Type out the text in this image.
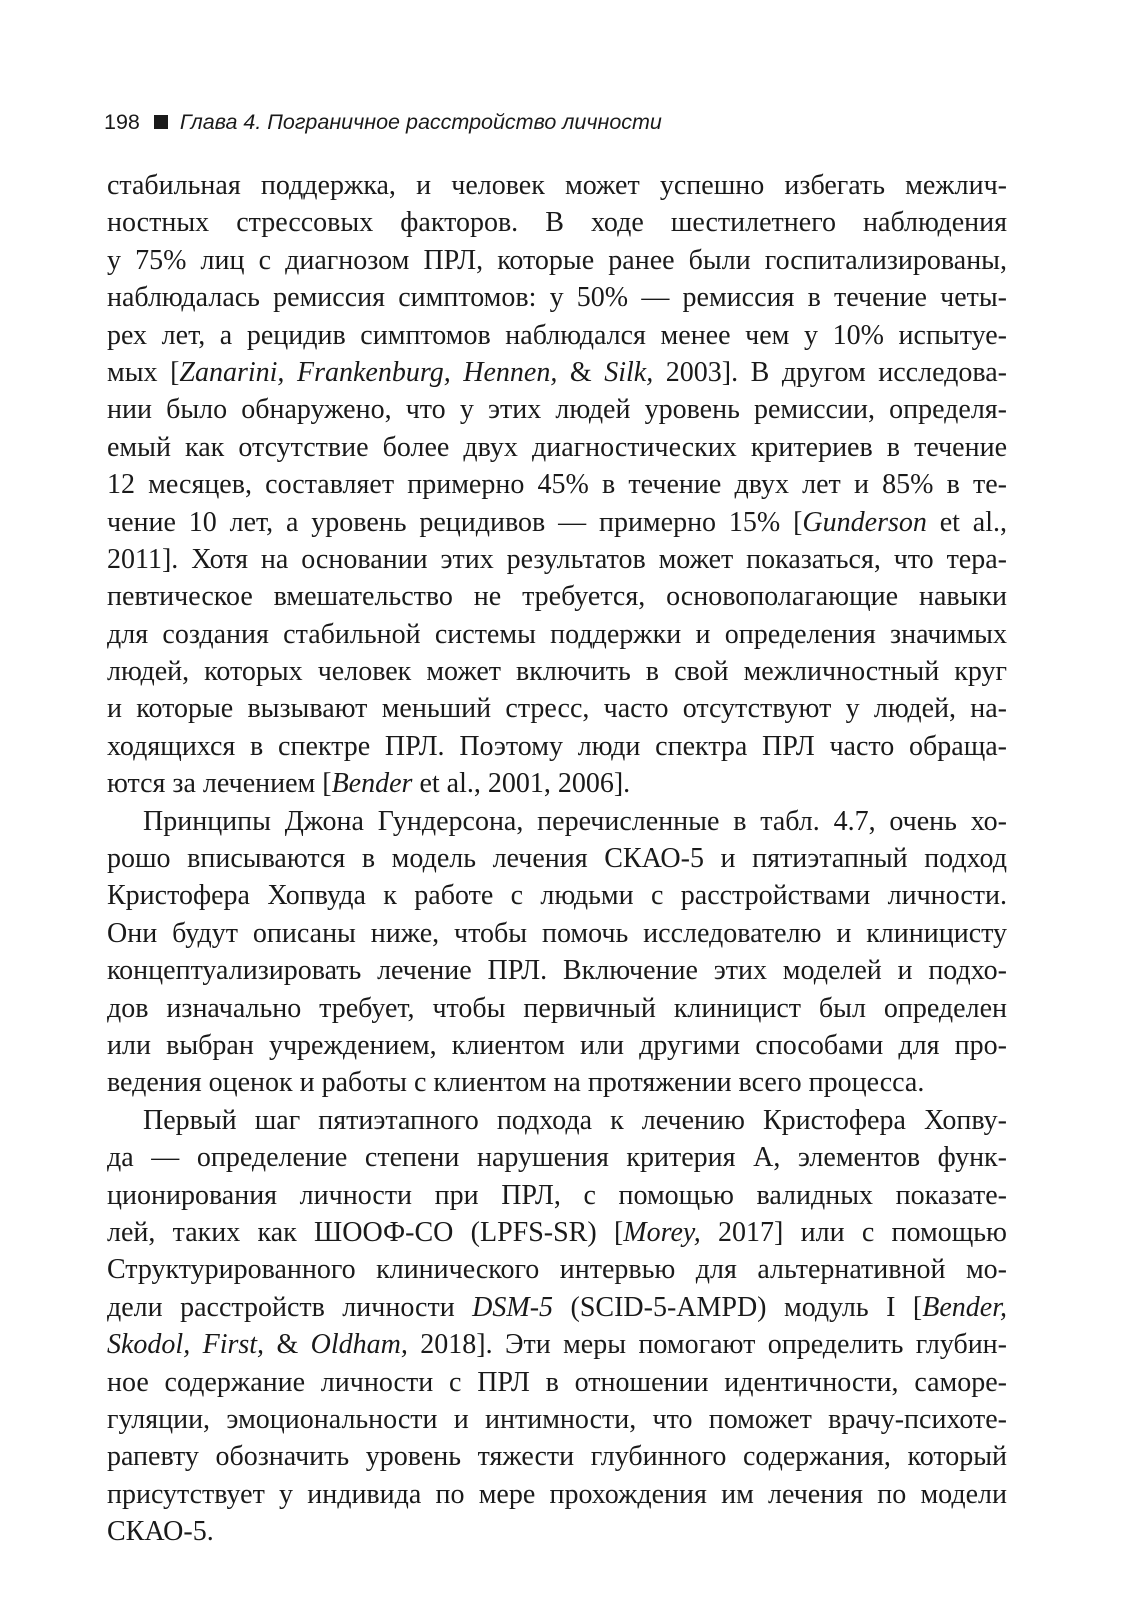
198 Глава 4. Пограничное расстройство личности
стабильная поддержка, и человек может успешно избегать межлич-
ностных стрессовых факторов. В ходе шестилетнего наблюдения
у 75% лиц с диагнозом ПРЛ, которые ранее были госпитализированы,
наблюдалась ремиссия симптомов: у 50% — ремиссия в течение четы-
рех лет, а рецидив симптомов наблюдался менее чем у 10% испытуе-
мых [Zanarini, Frankenburg, Hennen, & Silk, 2003]. В другом исследова-
нии было обнаружено, что у этих людей уровень ремиссии, определя-
емый как отсутствие более двух диагностических критериев в течение
12 месяцев, составляет примерно 45% в течение двух лет и 85% в те-
чение 10 лет, а уровень рецидивов — примерно 15% [Gunderson et al.,
2011]. Хотя на основании этих результатов может показаться, что тера-
певтическое вмешательство не требуется, основополагающие навыки
для создания стабильной системы поддержки и определения значимых
людей, которых человек может включить в свой межличностный круг
и которые вызывают меньший стресс, часто отсутствуют у людей, на-
ходящихся в спектре ПРЛ. Поэтому люди спектра ПРЛ часто обраща-
ются за лечением [Bender et al., 2001, 2006].
Принципы Джона Гундерсона, перечисленные в табл. 4.7, очень хо-
рошо вписываются в модель лечения СКАО-5 и пятиэтапный подход
Кристофера Хопвуда к работе с людьми с расстройствами личности.
Они будут описаны ниже, чтобы помочь исследователю и клиницисту
концептуализировать лечение ПРЛ. Включение этих моделей и подхо-
дов изначально требует, чтобы первичный клиницист был определен
или выбран учреждением, клиентом или другими способами для про-
ведения оценок и работы с клиентом на протяжении всего процесса.
Первый шаг пятиэтапного подхода к лечению Кристофера Хопву-
да — определение степени нарушения критерия А, элементов функ-
ционирования личности при ПРЛ, с помощью валидных показате-
лей, таких как ШООФ-СО (LPFS-SR) [Morey, 2017] или с помощью
Структурированного клинического интервью для альтернативной мо-
дели расстройств личности DSM-5 (SCID-5-AMPD) модуль I [Bender,
Skodol, First, & Oldham, 2018]. Эти меры помогают определить глубин-
ное содержание личности с ПРЛ в отношении идентичности, саморе-
гуляции, эмоциональности и интимности, что поможет врачу-психоте-
рапевту обозначить уровень тяжести глубинного содержания, который
присутствует у индивида по мере прохождения им лечения по модели
СКАО-5.
